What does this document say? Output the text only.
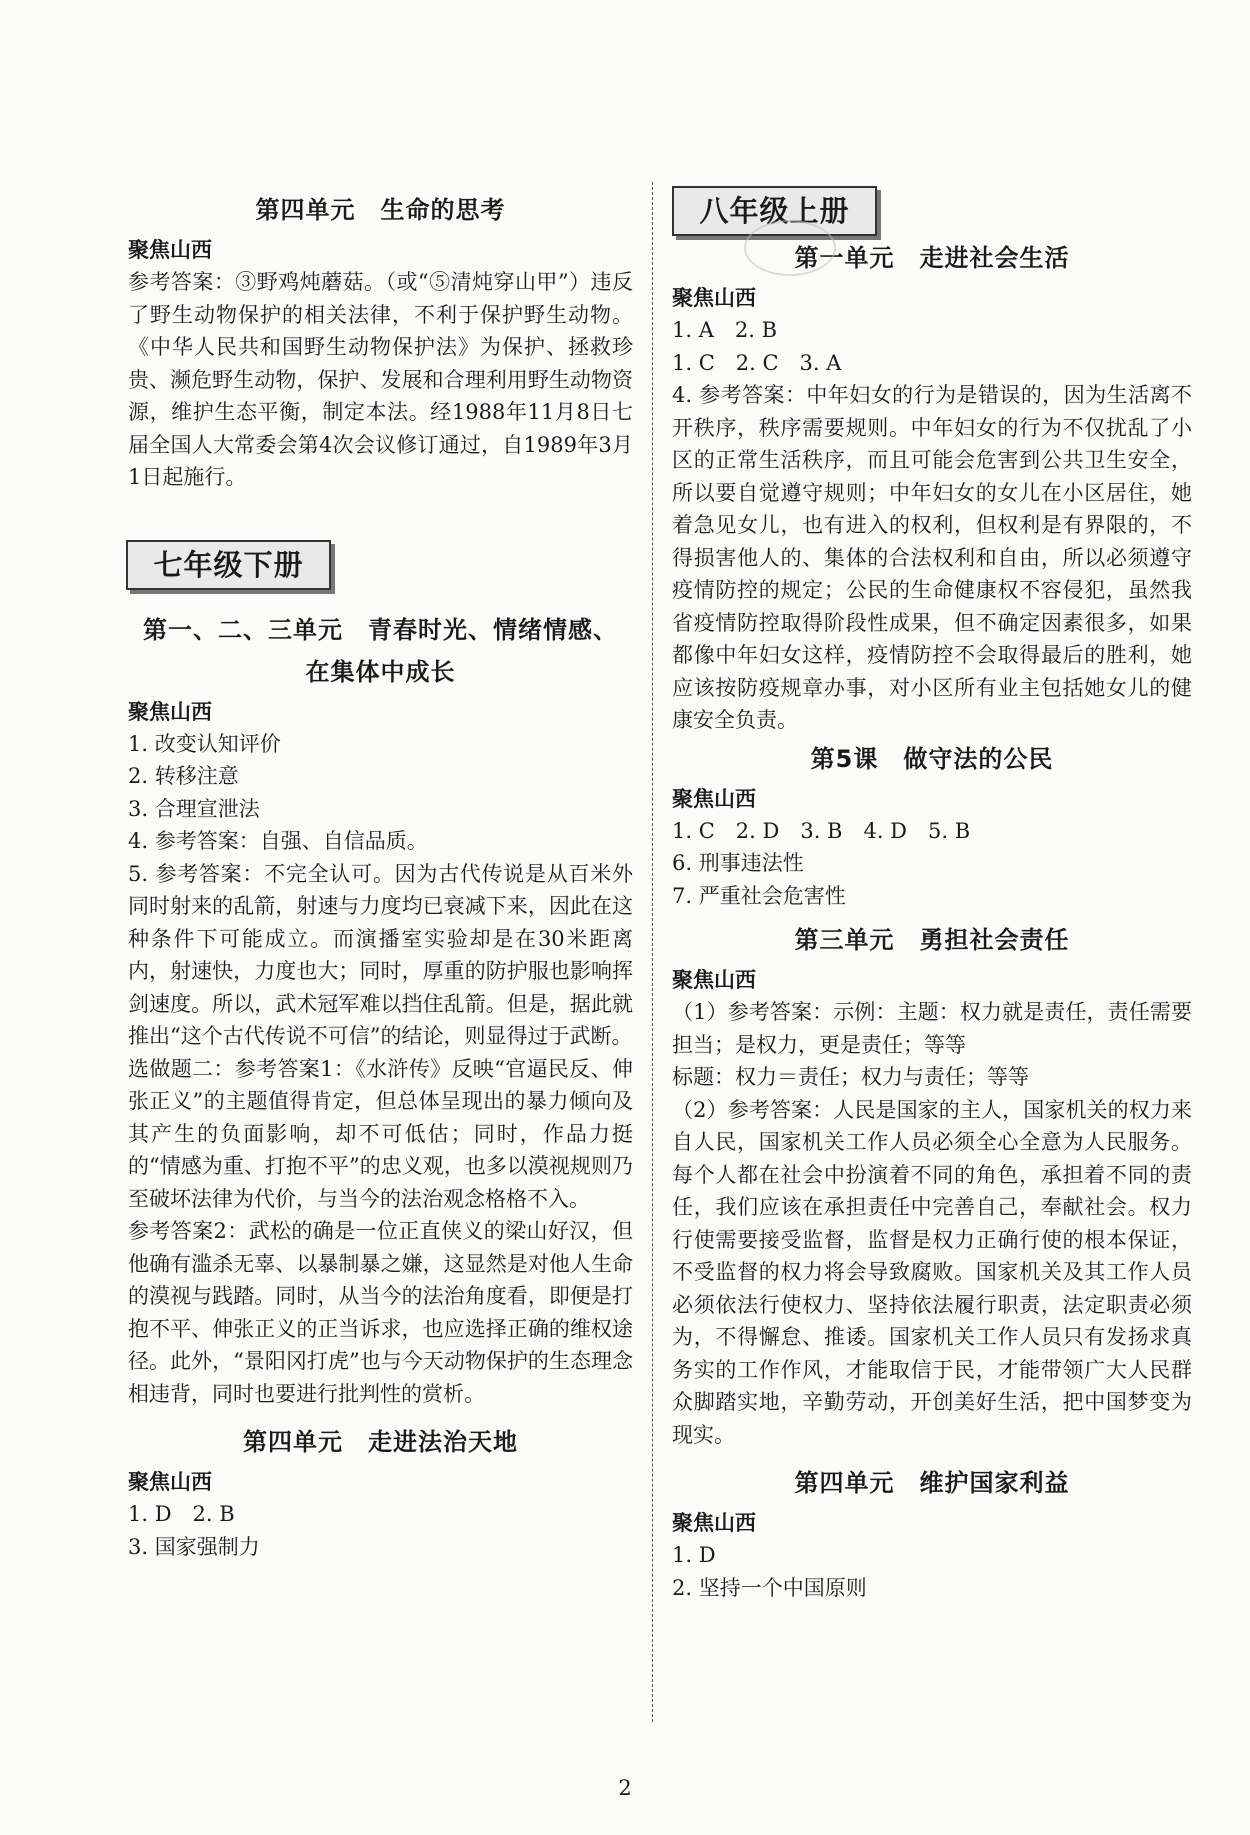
第四单元　生命的思考
聚焦山西
参考答案：③野鸡炖蘑菇。（或“⑤清炖穿山甲”）违反了野生动物保护的相关法律，不利于保护野生动物。《中华人民共和国野生动物保护法》为保护、拯救珍贵、濒危野生动物，保护、发展和合理利用野生动物资源，维护生态平衡，制定本法。经1988年11月8日七届全国人大常委会第4次会议修订通过，自1989年3月1日起施行。
七年级下册
第一、二、三单元　青春时光、情绪情感、
在集体中成长
聚焦山西
1. 改变认知评价
2. 转移注意
3. 合理宣泄法
4. 参考答案：自强、自信品质。
5. 参考答案：不完全认可。因为古代传说是从百米外同时射来的乱箭，射速与力度均已衰减下来，因此在这种条件下可能成立。而演播室实验却是在30米距离内，射速快，力度也大；同时，厚重的防护服也影响挥剑速度。所以，武术冠军难以挡住乱箭。但是，据此就推出“这个古代传说不可信”的结论，则显得过于武断。
选做题二：参考答案1：《水浒传》反映“官逼民反、伸张正义”的主题值得肯定，但总体呈现出的暴力倾向及其产生的负面影响，却不可低估；同时，作品力挺的“情感为重、打抱不平”的忠义观，也多以漠视规则乃至破坏法律为代价，与当今的法治观念格格不入。
参考答案2：武松的确是一位正直侠义的梁山好汉，但他确有滥杀无辜、以暴制暴之嫌，这显然是对他人生命的漠视与践踏。同时，从当今的法治角度看，即便是打抱不平、伸张正义的正当诉求，也应选择正确的维权途径。此外，“景阳冈打虎”也与今天动物保护的生态理念相违背，同时也要进行批判性的赏析。
第四单元　走进法治天地
聚焦山西
1. D　2. B
3. 国家强制力
八年级上册
第一单元　走进社会生活
聚焦山西
1. A　2. B
1. C　2. C　3. A
4. 参考答案：中年妇女的行为是错误的，因为生活离不开秩序，秩序需要规则。中年妇女的行为不仅扰乱了小区的正常生活秩序，而且可能会危害到公共卫生安全，所以要自觉遵守规则；中年妇女的女儿在小区居住，她着急见女儿，也有进入的权利，但权利是有界限的，不得损害他人的、集体的合法权利和自由，所以必须遵守疫情防控的规定；公民的生命健康权不容侵犯，虽然我省疫情防控取得阶段性成果，但不确定因素很多，如果都像中年妇女这样，疫情防控不会取得最后的胜利，她应该按防疫规章办事，对小区所有业主包括她女儿的健康安全负责。
第5课　做守法的公民
聚焦山西
1. C　2. D　3. B　4. D　5. B
6. 刑事违法性
7. 严重社会危害性
第三单元　勇担社会责任
聚焦山西
（1）参考答案：示例：主题：权力就是责任，责任需要担当；是权力，更是责任；等等
标题：权力＝责任；权力与责任；等等
（2）参考答案：人民是国家的主人，国家机关的权力来自人民，国家机关工作人员必须全心全意为人民服务。每个人都在社会中扮演着不同的角色，承担着不同的责任，我们应该在承担责任中完善自己，奉献社会。权力行使需要接受监督，监督是权力正确行使的根本保证，不受监督的权力将会导致腐败。国家机关及其工作人员必须依法行使权力、坚持依法履行职责，法定职责必须为，不得懈怠、推诿。国家机关工作人员只有发扬求真务实的工作作风，才能取信于民，才能带领广大人民群众脚踏实地，辛勤劳动，开创美好生活，把中国梦变为现实。
第四单元　维护国家利益
聚焦山西
1. D
2. 坚持一个中国原则
2
